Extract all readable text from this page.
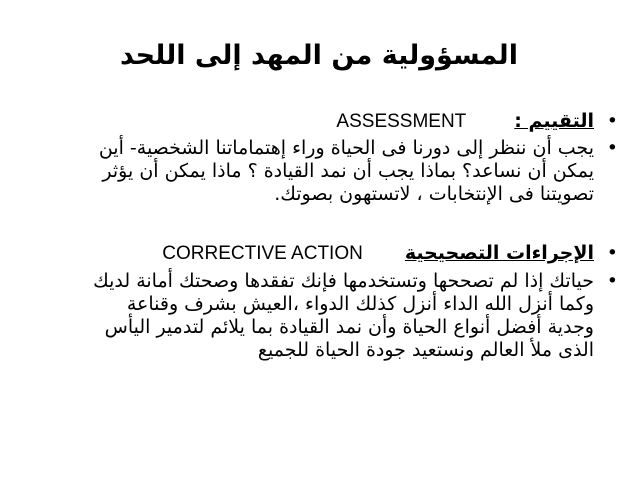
المسؤولية من المهد إلى اللحد
• التقييم :
ASSESSMENT
• يجب أن ننظر إلى دورنا فى الحياة وراء إهتماماتنا الشخصية- أين
يمكن أن نساعد؟ بماذا يجب أن نمد القيادة ؟ ماذا يمكن أن يؤثر
تصويتنا فى الإنتخابات ، لاتستهون بصوتك.
• الإجراءات التصحيحية
CORRECTIVE ACTION
• حياتك إذا لم تصححها وتستخدمها فإنك تفقدها وصحتك أمانة لديك
وكما أنزل الله الداء أنزل كذلك الدواء ،العيش بشرف وقناعة
وجدية أفضل أنواع الحياة وأن نمد القيادة بما يلائم لتدمير اليأس
الذى ملأ العالم ونستعيد جودة الحياة للجميع
